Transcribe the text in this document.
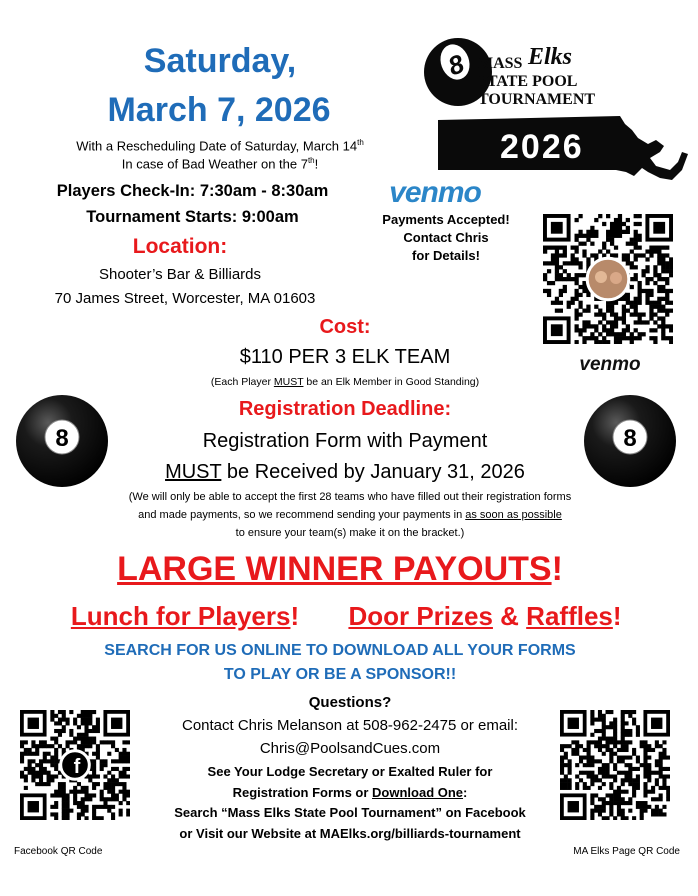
Saturday,
March 7, 2026
With a Rescheduling Date of Saturday, March 14th
In case of Bad Weather on the 7th!
Players Check-In: 7:30am - 8:30am
Tournament Starts: 9:00am
Location:
Shooter’s Bar & Billiards
70 James Street, Worcester, MA 01603
8 MASS Elks
STATE POOL
TOURNAMENT
2026
venmo
Payments Accepted!
Contact Chris
for Details!
venmo
Cost:
$110 PER 3 ELK TEAM
(Each Player MUST be an Elk Member in Good Standing)
8	8
Registration Deadline:
Registration Form with Payment
MUST be Received by January 31, 2026
(We will only be able to accept the first 28 teams who have filled out their registration forms
and made payments, so we recommend sending your payments in as soon as possible
to ensure your team(s) make it on the bracket.)
LARGE WINNER PAYOUTS!
Lunch for Players!	Door Prizes & Raffles!
SEARCH FOR US ONLINE TO DOWNLOAD ALL YOUR FORMS
TO PLAY OR BE A SPONSOR!!
Questions?
Contact Chris Melanson at 508-962-2475 or email:
Chris@PoolsandCues.com
See Your Lodge Secretary or Exalted Ruler for
Registration Forms or Download One:
Search “Mass Elks State Pool Tournament” on Facebook
or Visit our Website at MAElks.org/billiards-tournament
f
Facebook QR Code	MA Elks Page QR Code
